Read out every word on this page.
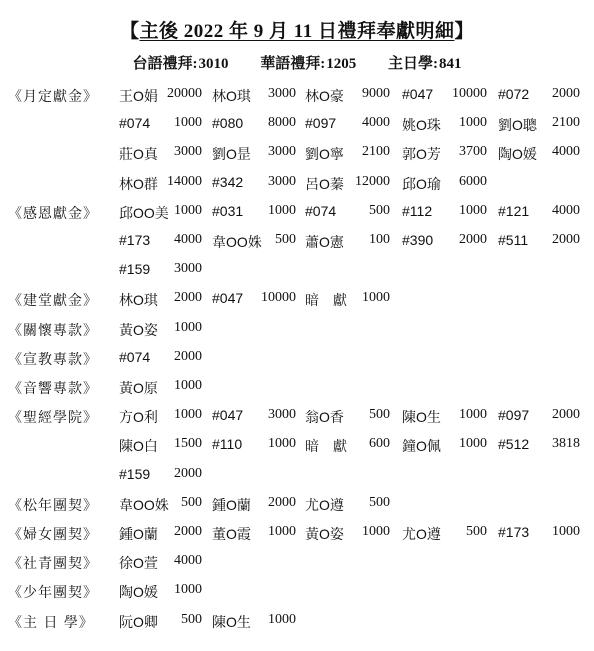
【主後 2022 年 9 月 11 日禮拜奉獻明細】
台語禮拜:3010 華語禮拜:1205 主日學:841
《月定獻金》 王O娟 20000 林O琪	3000 林O豪	9000 #047	10000 #072	2000
#074	1000 #080	8000 #097	4000 姚O珠	1000 劉O聰	2100
莊O真	3000 劉O昰	3000 劉O寧	2100 郭O芳	3700 陶O媛	4000
林O群 14000 #342	3000 呂O蓁 12000 邱O瑜	6000
《感恩獻金》 邱OO美 1000 #031	1000 #074	500 #112	1000 #121	4000
#173	4000 韋OO姝 500 蕭O憲	100 #390	2000 #511	2000
#159	3000
《建堂獻金》 林O琪	2000 #047	10000 暗　獻	1000
《關懷專款》 黃O姿	1000
《宣教專款》 #074	2000
《音響專款》 黃O原	1000
《聖經學院》 方O利	1000 #047	3000 翁O香	500 陳O生	1000 #097	2000
陳O白	1500 #110	1000 暗　獻	600 鐘O佩	1000 #512	3818
#159	2000
《松年團契》 韋OO姝 500 鍾O蘭	2000 尤O遵	500
《婦女團契》 鍾O蘭	2000 董O霞	1000 黃O姿	1000 尤O遵	500 #173	1000
《社青團契》 徐O萱	4000
《少年團契》 陶O媛	1000
《主 日 學》 阮O卿	500 陳O生	1000
